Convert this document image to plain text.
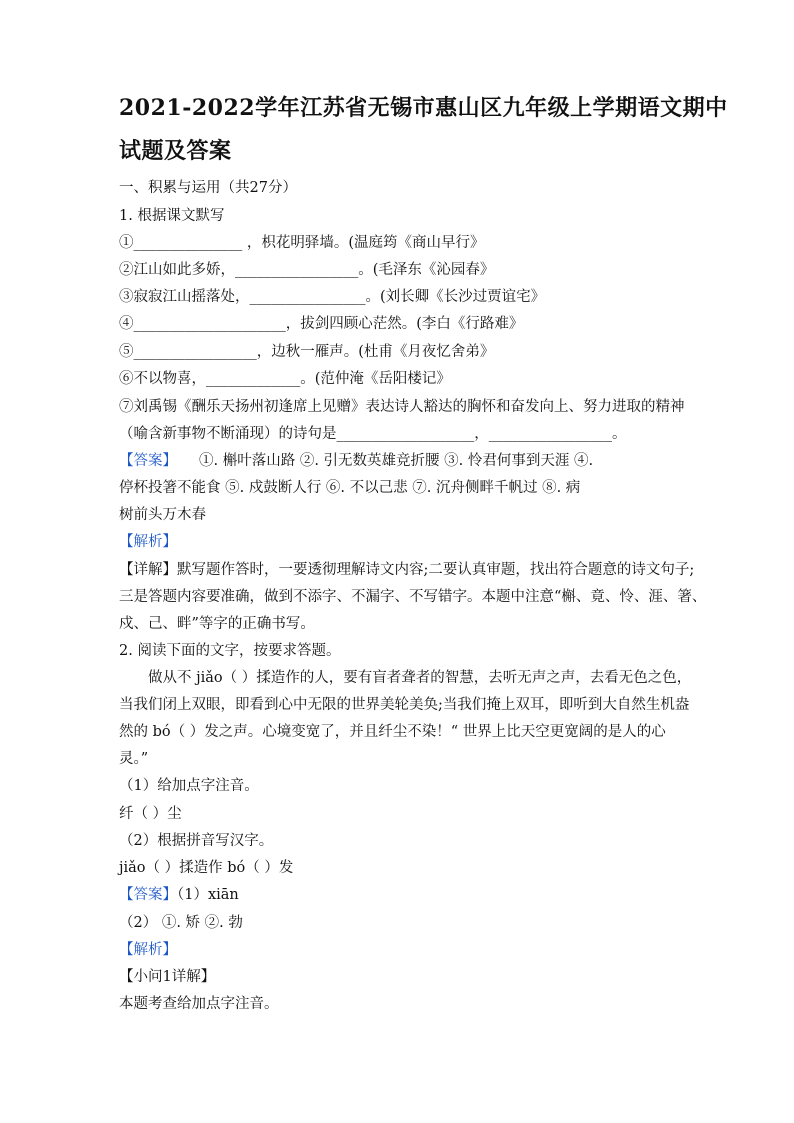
2021-2022学年江苏省无锡市惠山区九年级上学期语文期中
试题及答案
一、积累与运用（共27分）
1. 根据课文默写
①_______________ ，枳花明驿墙。(温庭筠《商山早行》
②江山如此多娇，_________________。(毛泽东《沁园春》
③寂寂江山摇落处，________________。(刘长卿《长沙过贾谊宅》
④_____________________，拔剑四顾心茫然。(李白《行路难》
⑤_________________，边秋一雁声。(杜甫《月夜忆舍弟》
⑥不以物喜，_____________。(范仲淹《岳阳楼记》
⑦刘禹锡《酬乐天扬州初逢席上见赠》表达诗人豁达的胸怀和奋发向上、努力进取的精神
（喻含新事物不断涌现）的诗句是___________________，_________________。
【答案】 ①. 槲叶落山路 ②. 引无数英雄竞折腰 ③. 怜君何事到天涯 ④.
停杯投箸不能食 ⑤. 戍鼓断人行 ⑥. 不以己悲 ⑦. 沉舟侧畔千帆过 ⑧. 病
树前头万木春
【解析】
【详解】默写题作答时，一要透彻理解诗文内容;二要认真审题，找出符合题意的诗文句子;
三是答题内容要准确，做到不添字、不漏字、不写错字。本题中注意“槲、竟、怜、涯、箸、
戍、己、畔”等字的正确书写。
2. 阅读下面的文字，按要求答题。
做从不 jiǎo（ ）揉造作的人，要有盲者聋者的智慧，去听无声之声，去看无色之色，
当我们闭上双眼，即看到心中无限的世界美轮美奂;当我们掩上双耳，即听到大自然生机盎
然的 bó（ ）发之声。心境变宽了，并且纤尘不染！“ 世界上比天空更宽阔的是人的心
灵。”
（1）给加点字注音。
纤（ ）尘
（2）根据拼音写汉字。
jiǎo（ ）揉造作 bó（ ）发
【答案】（1）xiān
（2） ①. 矫 ②. 勃
【解析】
【小问1详解】
本题考查给加点字注音。
